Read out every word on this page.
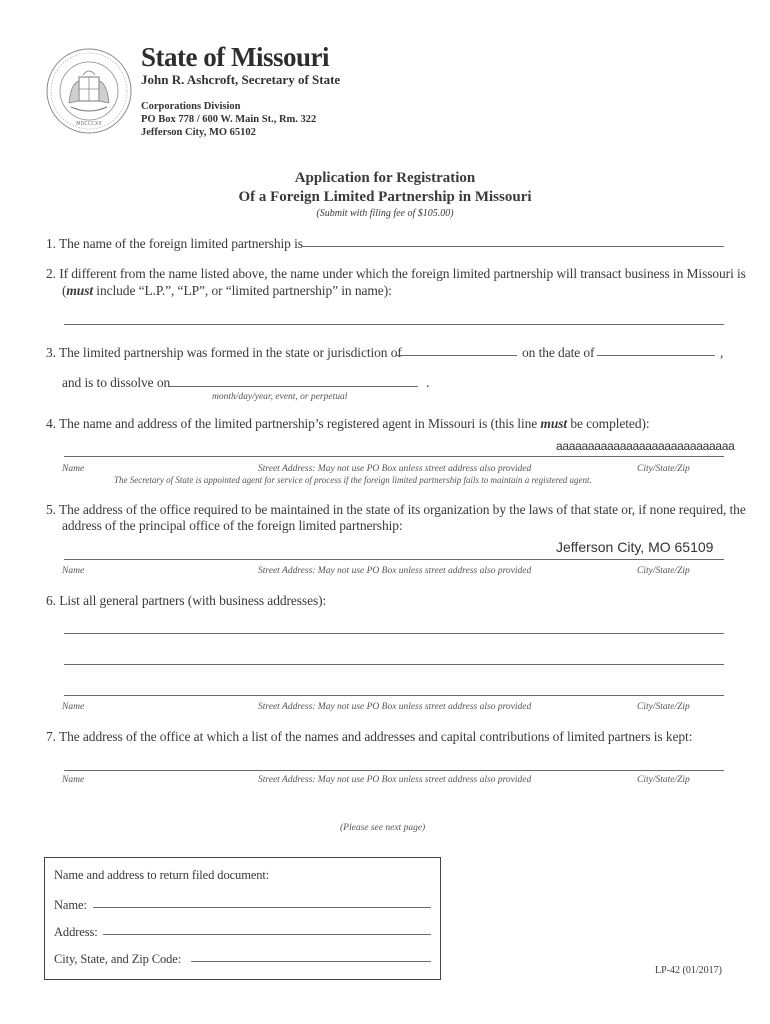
MDCCCXX
State of Missouri
John R. Ashcroft, Secretary of State
Corporations Division
PO Box 778 / 600 W. Main St., Rm. 322
Jefferson City, MO 65102
Application for Registration
Of a Foreign Limited Partnership in Missouri
(Submit with filing fee of $105.00)
1. The name of the foreign limited partnership is
2. If different from the name listed above, the name under which the foreign limited partnership will transact business in Missouri is
(must include “L.P.”, “LP”, or “limited partnership” in name):
3. The limited partnership was formed in the state or jurisdiction of	on the date of	,
and is to dissolve on	.
month/day/year, event, or perpetual
4. The name and address of the limited partnership’s registered agent in Missouri is (this line must be completed):
aaaaaaaaaaaaaaaaaaaaaaaaaaaa
Name	Street Address: May not use PO Box unless street address also provided	City/State/Zip
The Secretary of State is appointed agent for service of process if the foreign limited partnership fails to maintain a registered agent.
5. The address of the office required to be maintained in the state of its organization by the laws of that state or, if none required, the
address of the principal office of the foreign limited partnership:
Jefferson City, MO 65109
Name	Street Address: May not use PO Box unless street address also provided	City/State/Zip
6. List all general partners (with business addresses):
Name	Street Address: May not use PO Box unless street address also provided	City/State/Zip
7. The address of the office at which a list of the names and addresses and capital contributions of limited partners is kept:
Name	Street Address: May not use PO Box unless street address also provided	City/State/Zip
(Please see next page)
Name and address to return filed document:
Name:
Address:
City, State, and Zip Code:
LP-42 (01/2017)
